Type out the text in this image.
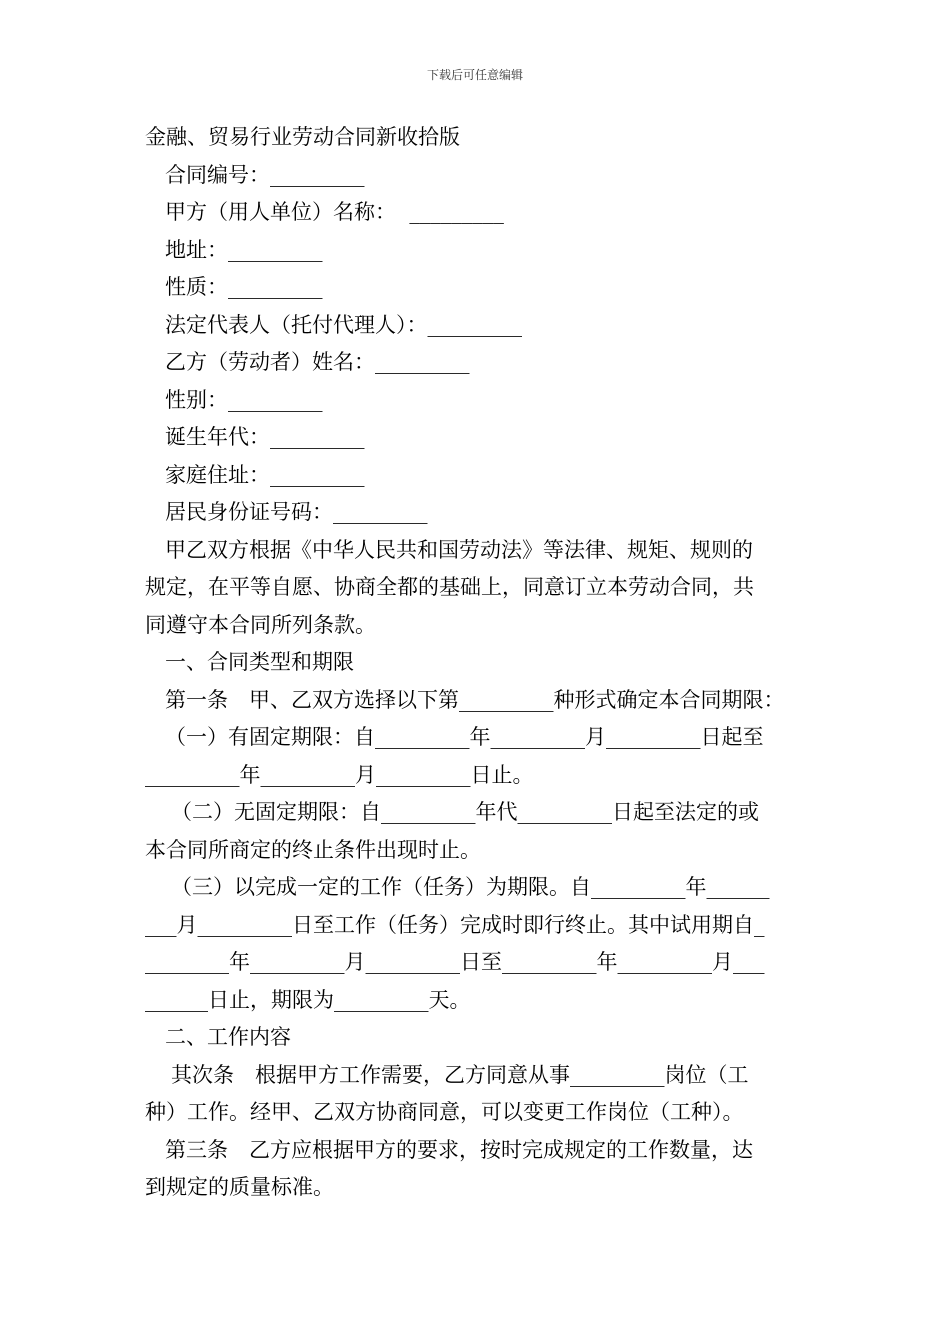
下载后可任意编辑
金融、贸易行业劳动合同新收拾版
合同编号：_________
甲方（用人单位）名称：  _________
地址：_________
性质：_________
法定代表人（托付代理人）：_________
乙方（劳动者）姓名：_________
性别：_________
诞生年代：_________
家庭住址：_________
居民身份证号码：_________
甲乙双方根据《中华人民共和国劳动法》等法律、规矩、规则的
规定，在平等自愿、协商全都的基础上，同意订立本劳动合同，共
同遵守本合同所列条款。
一、合同类型和期限
第一条　甲、乙双方选择以下第_________种形式确定本合同期限：
（一）有固定期限：自_________年_________月_________日起至
_________年_________月_________日止。
（二）无固定期限：自_________年代_________日起至法定的或
本合同所商定的终止条件出现时止。
（三）以完成一定的工作（任务）为期限。自_________年______
___月_________日至工作（任务）完成时即行终止。其中试用期自_
________年_________月_________日至_________年_________月___
______日止，期限为_________天。
二、工作内容
其次条　根据甲方工作需要，乙方同意从事_________岗位（工
种）工作。经甲、乙双方协商同意，可以变更工作岗位（工种）。
第三条　乙方应根据甲方的要求，按时完成规定的工作数量，达
到规定的质量标准。
